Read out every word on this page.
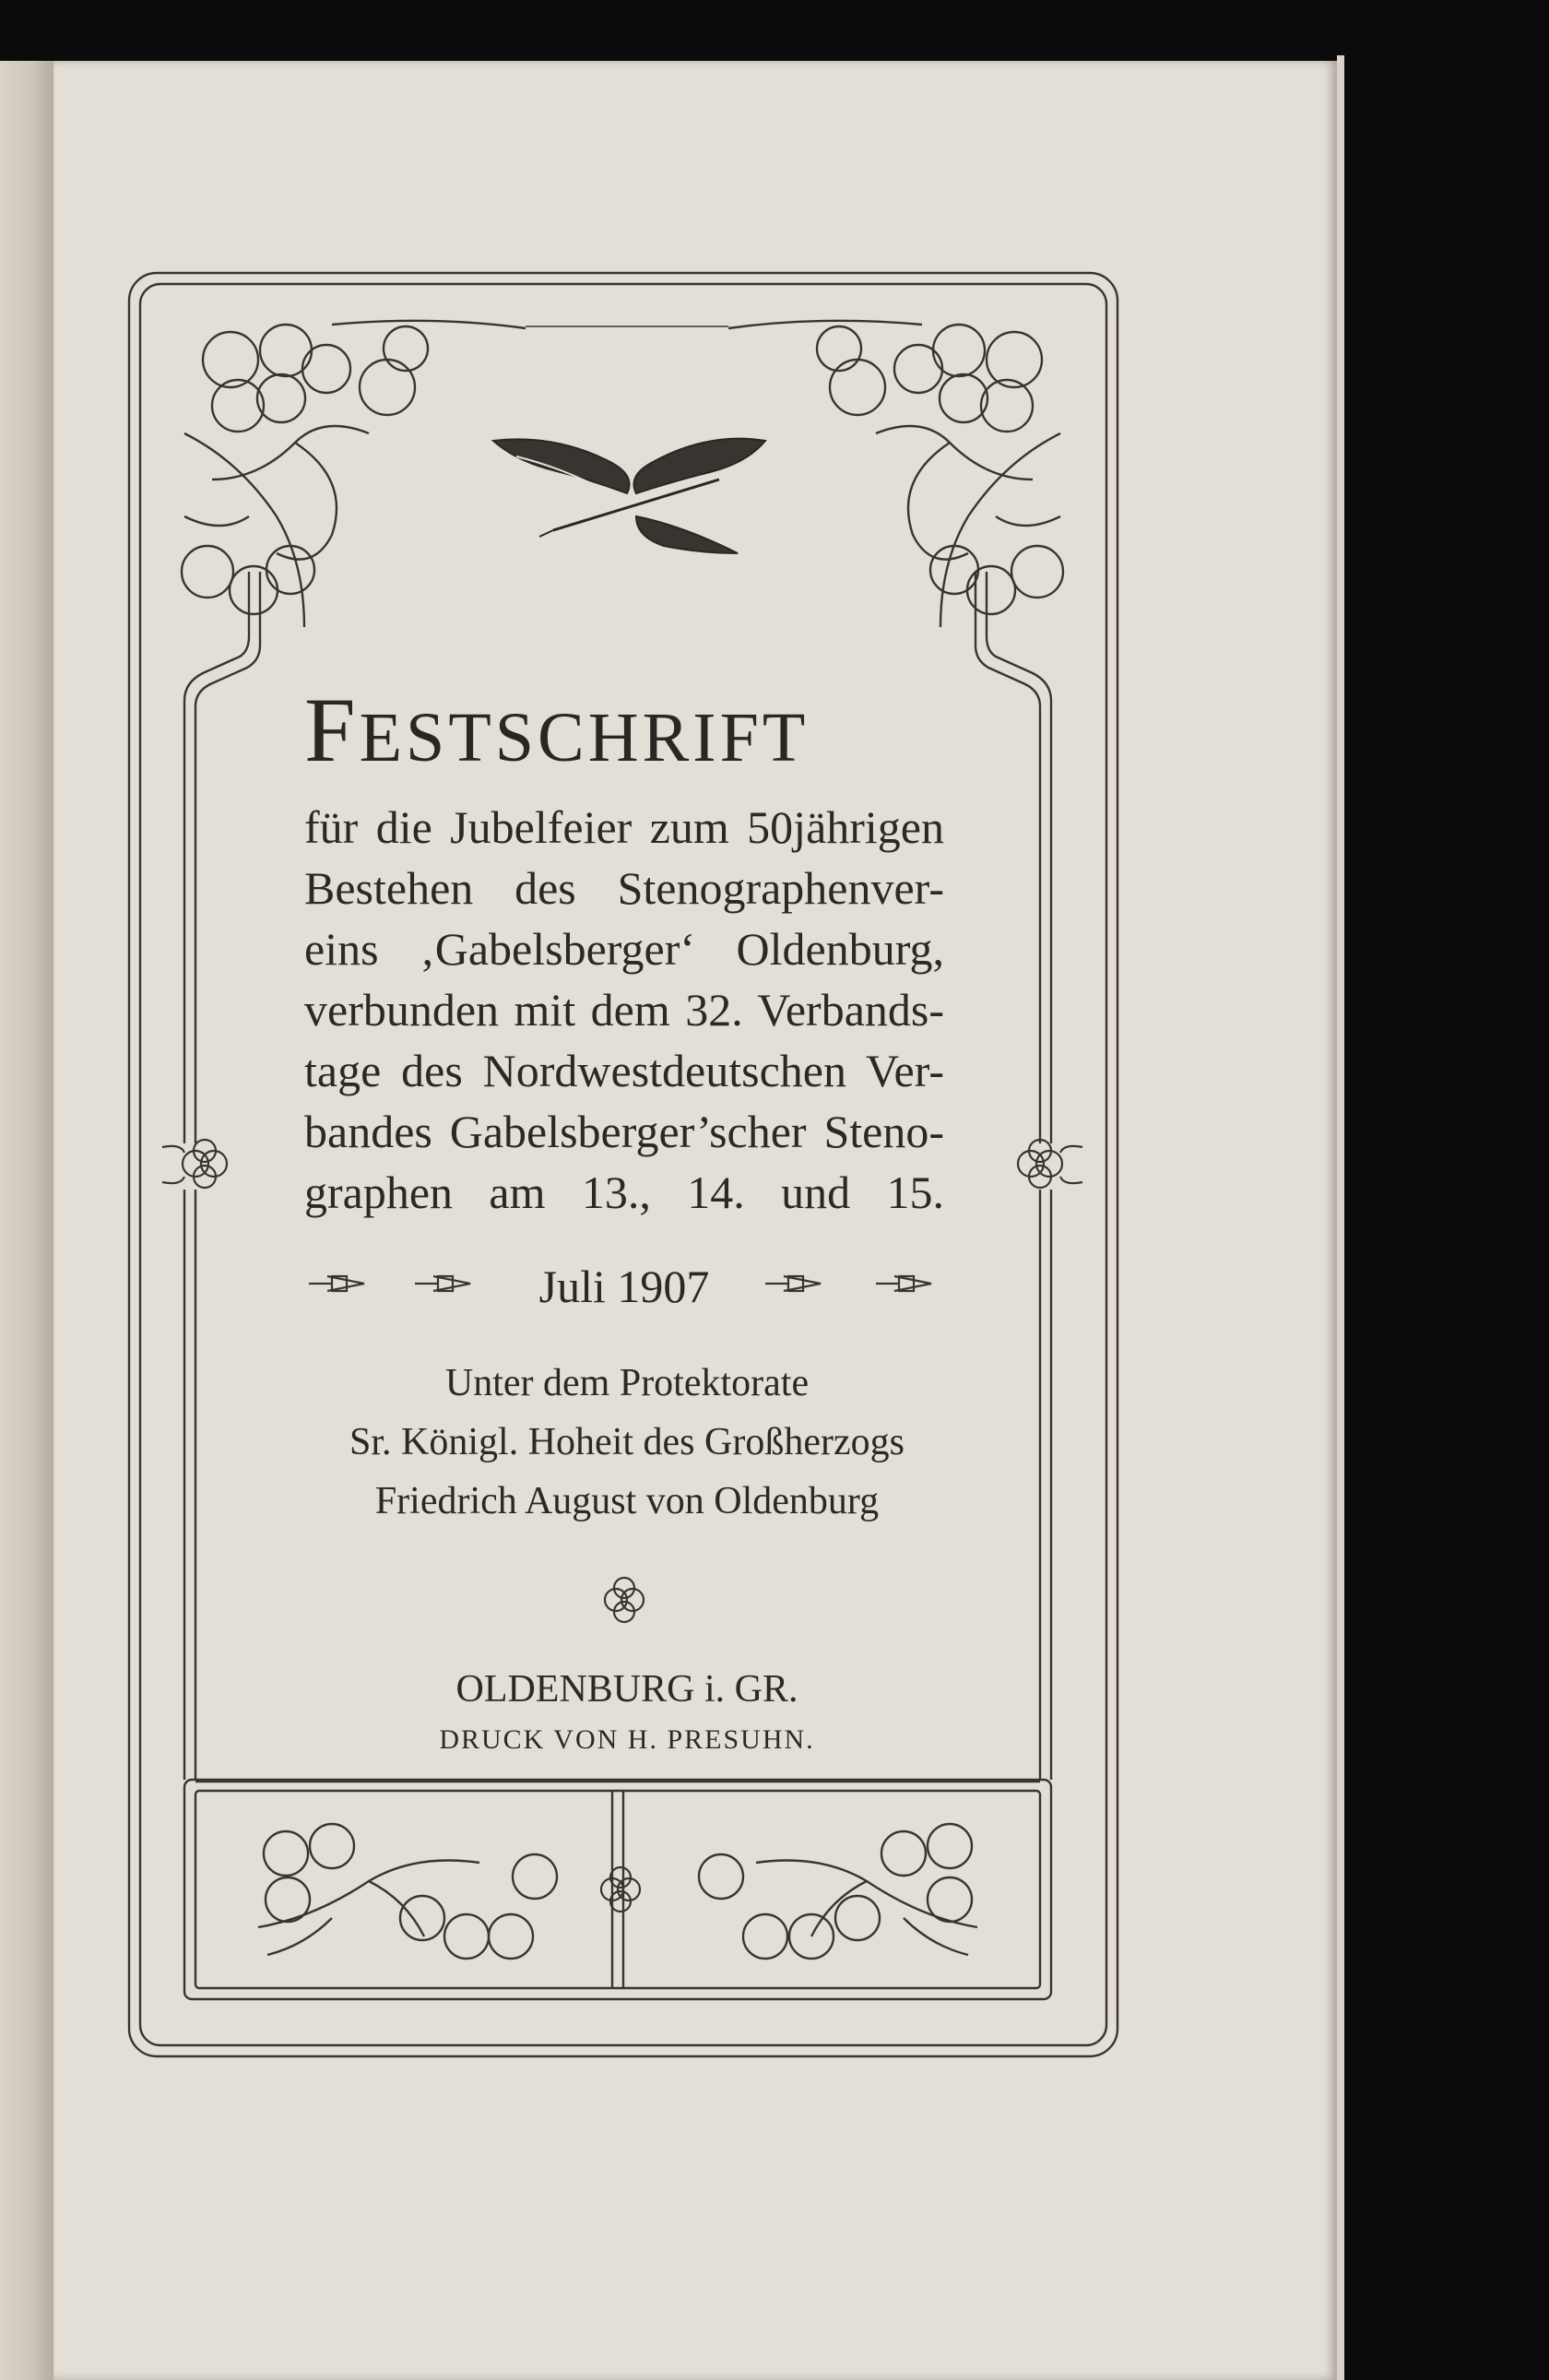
FESTSCHRIFT
für die Jubelfeier zum 50jährigen
Bestehen des Stenographenver-
eins ‚Gabelsberger‘ Oldenburg,
verbunden mit dem 32. Verbands-
tage des Nordwestdeutschen Ver-
bandes Gabelsberger’scher Steno-
graphen am 13., 14. und 15.
Juli 1907
Unter dem Protektorate
Sr. Königl. Hoheit des Großherzogs
Friedrich August von Oldenburg
OLDENBURG i. GR.
DRUCK VON H. PRESUHN.
